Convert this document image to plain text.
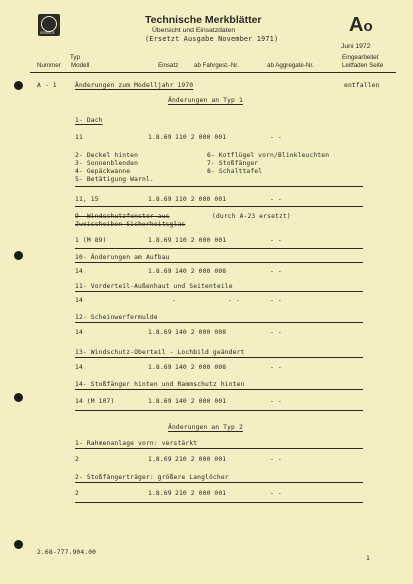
SERVICE
Technische Merkblätter
Übersicht und Einsatzdaten
(Ersetzt Ausgabe November 1971)
Ao
Juni 1972
Typ
Nummer Modell	Einsatz	ab Fahrgest.-Nr.	ab Aggregate-Nr.
Eingearbeitet
Leitfaden Seite
A - 1	Änderungen zum Modelljahr 1970	entfallen
Änderungen an Typ 1
1- Dach
11	1.8.69 110 2 000 001	- -
2- Deckel hinten
3- Sonnenblenden
4- Gepäckwanne
5- Betätigung Warnl.
6- Kotflügel vorn/Blinkleuchten
7- Stoßfänger
8- Schalttafel
11, 15	1.8.69 110 2 000 001	- -
9- Windschutzfenster aus
Zweischeiben-Sicherheitsglas
(durch A-23 ersetzt)
1 (M 89)	1.8.69 110 2 000 001	- -
10- Änderungen am Aufbau
14	1.8.69 140 2 000 008	- -
11- Vorderteil-Außenhaut und Seitenteile
14	-	- -	- -
12- Scheinwerfermulde
14	1.8.69 140 2 000 008	- -
13- Windschutz-Oberteil - Lochbild geändert
14	1.8.69 140 2 000 008	- -
14- Stoßfänger hinten und Rammschutz hinten
14 (M 107)	1.8.69 140 2 000 001	- -
Änderungen an Typ 2
1- Rahmenanlage vorn: verstärkt
2	1.8.69 210 2 000 001	- -
2- Stoßfängerträger: größere Langlöcher
2	1.8.69 210 2 000 001	- -
2.68-777.904.00
1
